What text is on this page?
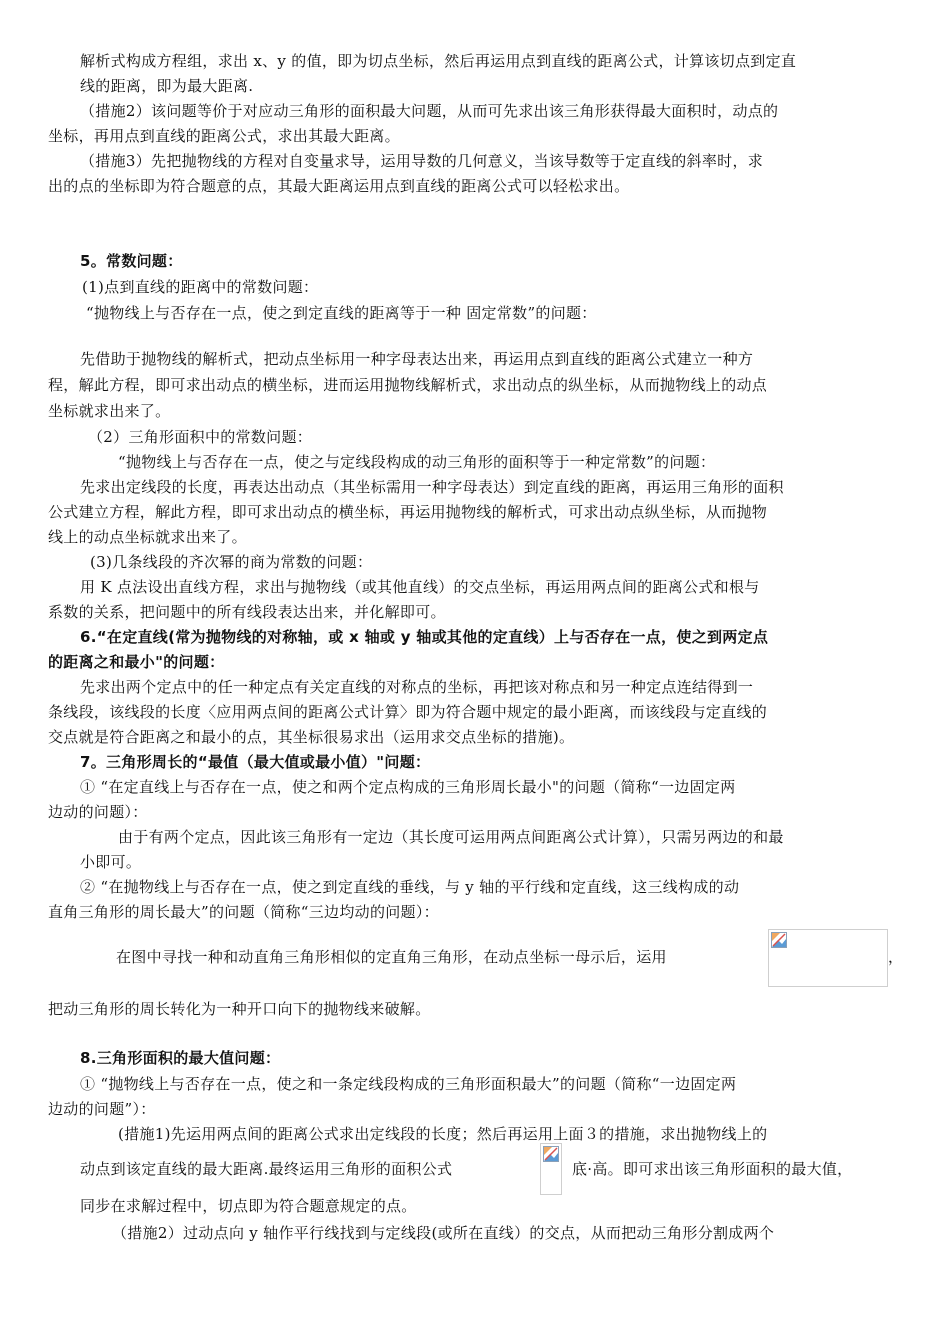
解析式构成方程组，求出 x、y 的值，即为切点坐标，然后再运用点到直线的距离公式，计算该切点到定直
线的距离，即为最大距离.
（措施2）该问题等价于对应动三角形的面积最大问题，从而可先求出该三角形获得最大面积时，动点的
坐标，再用点到直线的距离公式，求出其最大距离。
（措施3）先把抛物线的方程对自变量求导，运用导数的几何意义，当该导数等于定直线的斜率时，求
出的点的坐标即为符合题意的点，其最大距离运用点到直线的距离公式可以轻松求出。
5。常数问题：
(1)点到直线的距离中的常数问题：
“抛物线上与否存在一点，使之到定直线的距离等于一种 固定常数”的问题：
先借助于抛物线的解析式，把动点坐标用一种字母表达出来，再运用点到直线的距离公式建立一种方
程，解此方程，即可求出动点的横坐标，进而运用抛物线解析式，求出动点的纵坐标，从而抛物线上的动点
坐标就求出来了。
（2）三角形面积中的常数问题：
“抛物线上与否存在一点，使之与定线段构成的动三角形的面积等于一种定常数”的问题：
先求出定线段的长度，再表达出动点（其坐标需用一种字母表达）到定直线的距离，再运用三角形的面积
公式建立方程，解此方程，即可求出动点的横坐标，再运用抛物线的解析式，可求出动点纵坐标，从而抛物
线上的动点坐标就求出来了。
(3)几条线段的齐次幂的商为常数的问题：
用 K 点法设出直线方程，求出与抛物线（或其他直线）的交点坐标，再运用两点间的距离公式和根与
系数的关系，把问题中的所有线段表达出来，并化解即可。
6.“在定直线(常为抛物线的对称轴，或 x 轴或 y 轴或其他的定直线）上与否存在一点，使之到两定点
的距离之和最小"的问题：
先求出两个定点中的任一种定点有关定直线的对称点的坐标，再把该对称点和另一种定点连结得到一
条线段，该线段的长度〈应用两点间的距离公式计算〉即为符合题中规定的最小距离，而该线段与定直线的
交点就是符合距离之和最小的点，其坐标很易求出（运用求交点坐标的措施)。
7。三角形周长的“最值（最大值或最小值）"问题：
① “在定直线上与否存在一点，使之和两个定点构成的三角形周长最小"的问题（简称“一边固定两
边动的问题）：
由于有两个定点，因此该三角形有一定边（其长度可运用两点间距离公式计算），只需另两边的和最
小即可。
② “在抛物线上与否存在一点，使之到定直线的垂线，与 y 轴的平行线和定直线，这三线构成的动
直角三角形的周长最大”的问题（简称“三边均动的问题）：
在图中寻找一种和动直角三角形相似的定直角三角形，在动点坐标一母示后，运用	，
把动三角形的周长转化为一种开口向下的抛物线来破解。
8.三角形面积的最大值问题：
① “抛物线上与否存在一点，使之和一条定线段构成的三角形面积最大”的问题（简称“一边固定两
边动的问题”）：
(措施1)先运用两点间的距离公式求出定线段的长度；然后再运用上面３的措施，求出抛物线上的
动点到该定直线的最大距离.最终运用三角形的面积公式	底·高。即可求出该三角形面积的最大值，
同步在求解过程中，切点即为符合题意规定的点。
（措施2）过动点向 y 轴作平行线找到与定线段(或所在直线）的交点，从而把动三角形分割成两个
